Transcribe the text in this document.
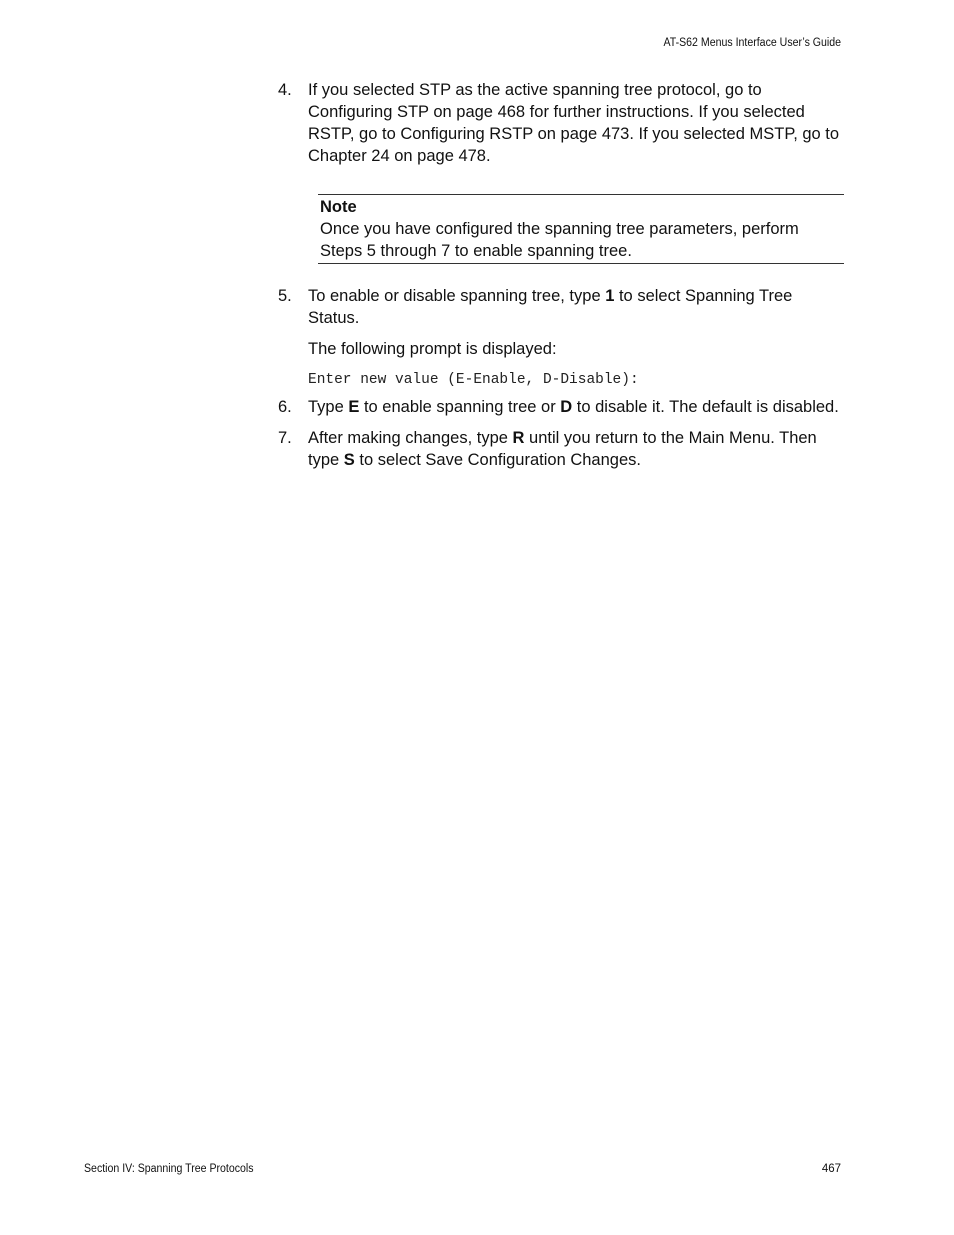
AT-S62 Menus Interface User’s Guide
4. If you selected STP as the active spanning tree protocol, go to Configuring STP on page 468 for further instructions. If you selected RSTP, go to Configuring RSTP on page 473. If you selected MSTP, go to Chapter 24 on page 478.
Note
Once you have configured the spanning tree parameters, perform Steps 5 through 7 to enable spanning tree.
5. To enable or disable spanning tree, type 1 to select Spanning Tree Status.
The following prompt is displayed:
Enter new value (E-Enable, D-Disable):
6. Type E to enable spanning tree or D to disable it. The default is disabled.
7. After making changes, type R until you return to the Main Menu. Then type S to select Save Configuration Changes.
Section IV: Spanning Tree Protocols	467
